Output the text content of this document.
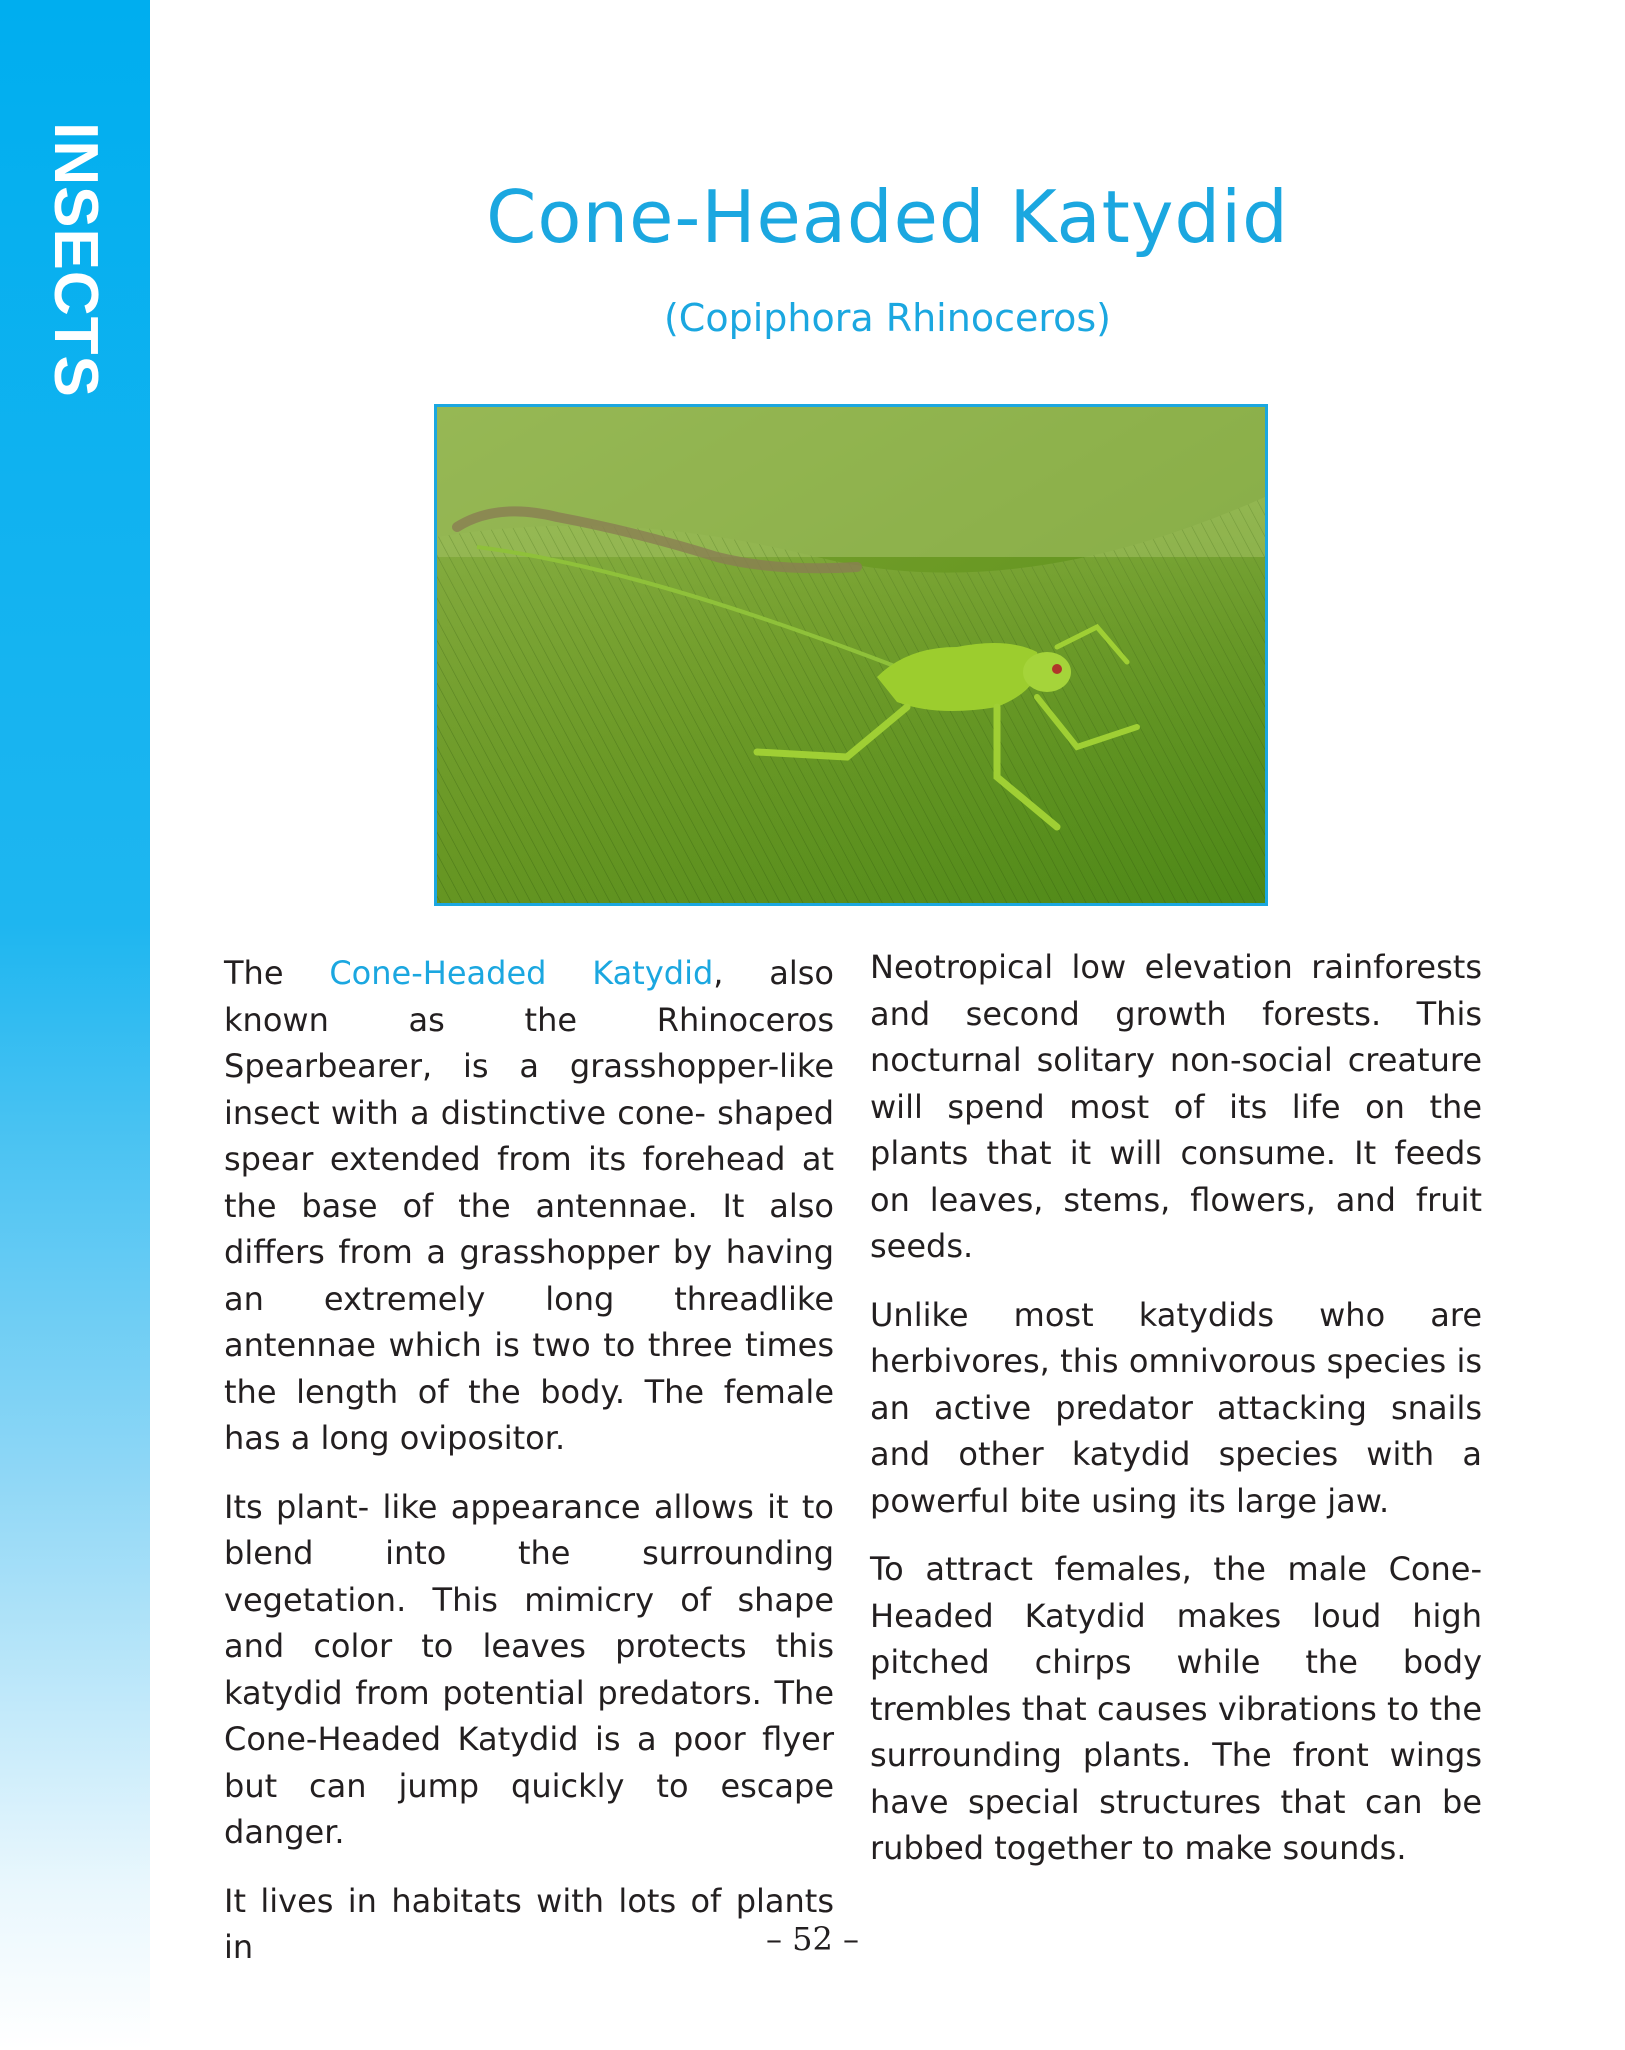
INSECTS	Cone-Headed Katydid
(Copiphora Rhinoceros)

The Cone-Headed Katydid, also known as the Rhinoceros Spearbearer, is a grasshopper-like insect with a distinctive cone- shaped spear extended from its forehead at the base of the antennae. It also differs from a grasshopper by having an extremely long threadlike antennae which is two to three times the length of the body. The female has a long ovipositor.

Its plant- like appearance allows it to blend into the surrounding vegetation. This mimicry of shape and color to leaves protects this katydid from potential predators. The Cone-Headed Katydid is a poor flyer but can jump quickly to escape danger.

It lives in habitats with lots of plants in

Neotropical low elevation rainforests and second growth forests. This nocturnal solitary non-social creature will spend most of its life on the plants that it will consume. It feeds on leaves, stems, flowers, and fruit seeds.

Unlike most katydids who are herbivores, this omnivorous species is an active predator attacking snails and other katydid species with a powerful bite using its large jaw.

To attract females, the male Cone-Headed Katydid makes loud high pitched chirps while the body trembles that causes vibrations to the surrounding plants. The front wings have special structures that can be rubbed together to make sounds.

– 52 –
